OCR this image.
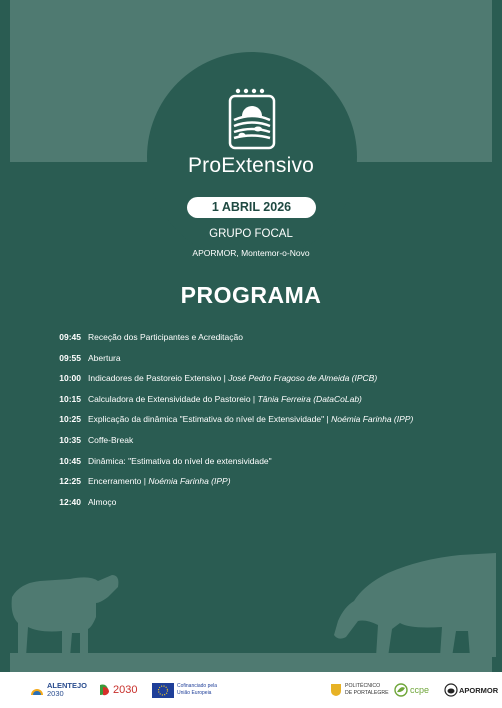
ProExtensivo
1 ABRIL 2026
GRUPO FOCAL
APORMOR, Montemor-o-Novo
PROGRAMA
09:45 Receção dos Participantes e Acreditação
09:55 Abertura
10:00 Indicadores de Pastoreio Extensivo | José Pedro Fragoso de Almeida (IPCB)
10:15 Calculadora de Extensividade do Pastoreio | Tânia Ferreira (DataCoLab)
10:25 Explicação da dinâmica "Estimativa do nível de Extensividade" | Noémia Farinha (IPP)
10:35 Coffe-Break
10:45 Dinâmica: "Estimativa do nível de extensividade"
12:25 Encerramento | Noémia Farinha (IPP)
12:40 Almoço
ALENTEJO
2030	2030	Cofinanciado pela
União Europeia
POLITÉCNICO
DE PORTALEGRE ccpe	APORMOR
